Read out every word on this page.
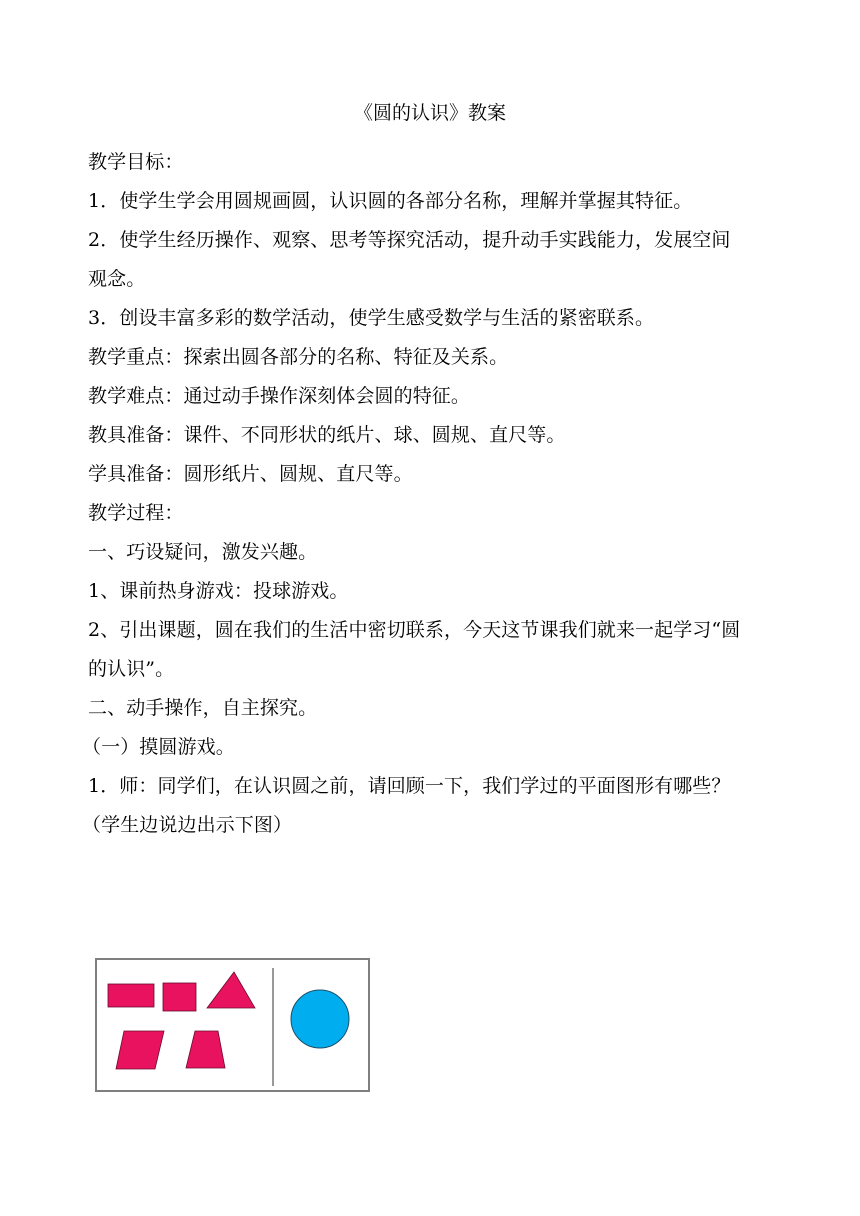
《圆的认识》教案
教学目标：
1．使学生学会用圆规画圆，认识圆的各部分名称，理解并掌握其特征。
2．使学生经历操作、观察、思考等探究活动，提升动手实践能力，发展空间
观念。
3．创设丰富多彩的数学活动，使学生感受数学与生活的紧密联系。
教学重点：探索出圆各部分的名称、特征及关系。
教学难点：通过动手操作深刻体会圆的特征。
教具准备：课件、不同形状的纸片、球、圆规、直尺等。
学具准备：圆形纸片、圆规、直尺等。
教学过程：
一、巧设疑问，激发兴趣。
1、课前热身游戏：投球游戏。
2、引出课题，圆在我们的生活中密切联系，今天这节课我们就来一起学习“圆
的认识”。
二、动手操作，自主探究。
（一）摸圆游戏。
1．师：同学们，在认识圆之前，请回顾一下，我们学过的平面图形有哪些？
（学生边说边出示下图）
